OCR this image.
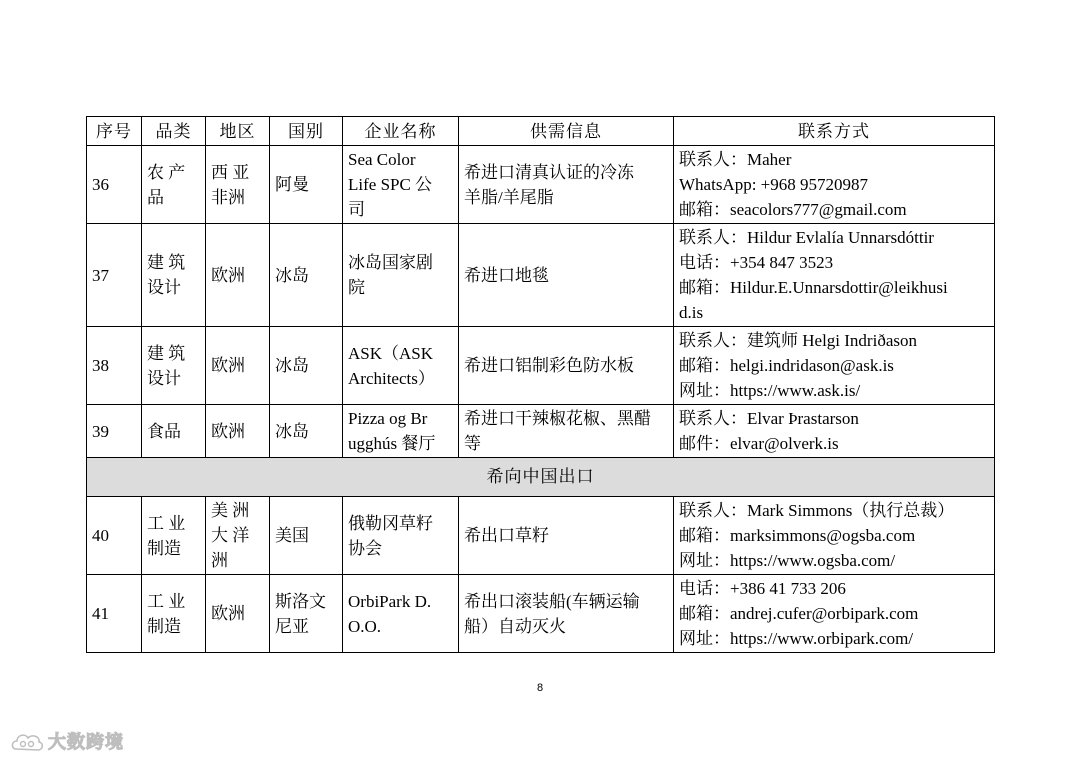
序号	品类	地区	国别	企业名称	供需信息	联系方式

36	农 产
品	西 亚
非洲	阿曼	Sea Color
Life SPC 公
司	希进口清真认证的冷冻
羊脂/羊尾脂	联系人：Maher
WhatsApp: +968 95720987
邮箱：seacolors777@gmail.com

37	建 筑
设计	欧洲	冰岛	冰岛国家剧
院	希进口地毯	联系人：Hildur Evlalía Unnarsdóttir
电话：+354 847 3523
邮箱：Hildur.E.Unnarsdottir@leikhusi
d.is

38	建 筑
设计	欧洲	冰岛	ASK（ASK
Architects）	希进口铝制彩色防水板	联系人：建筑师 Helgi Indriðason
邮箱：helgi.indridason@ask.is
网址：https://www.ask.is/

39	食品	欧洲	冰岛	Pizza og Br
ugghús 餐厅	希进口干辣椒花椒、黑醋
等	联系人：Elvar Þrastarson
邮件：elvar@olverk.is

希向中国出口						

40	工 业
制造	美 洲
大 洋
洲	美国	俄勒冈草籽
协会	希出口草籽	联系人：Mark Simmons（执行总裁）
邮箱：marksimmons@ogsba.com
网址：https://www.ogsba.com/

41	工 业
制造	欧洲	斯洛文
尼亚	OrbiPark D.
O.O.	希出口滚装船(车辆运输
船）自动灭火	电话：+386 41 733 206
邮箱：andrej.cufer@orbipark.com
网址：https://www.orbipark.com/
8
大数跨境
